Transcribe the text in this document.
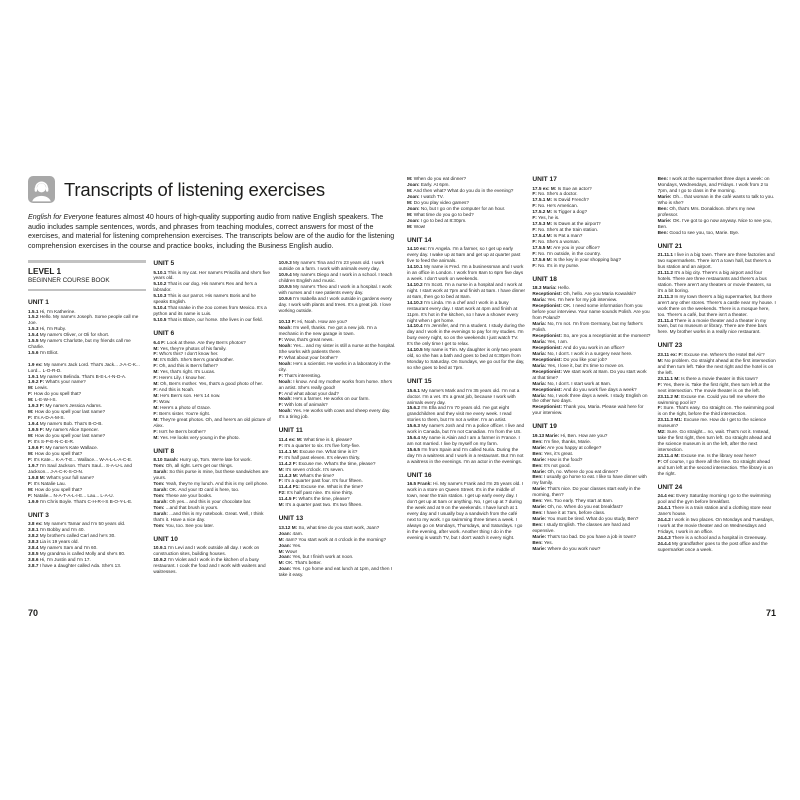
Transcripts of listening exercises

English for Everyone features almost 40 hours of high-quality supporting audio from native English speakers. The audio includes sample sentences, words, and phrases from teaching modules, correct answers for most of the exercises, and material for listening comprehension exercises. The transcripts below are of the audio for the listening comprehension exercises in the course and practice books, including the Business English audio.

LEVEL 1
BEGINNER COURSE BOOK
UNIT 1

1.5.1 Hi, I'm Katherine.

1.5.2 Hello. My name's Joseph. Some people call me Joe.

1.5.3 Hi, I'm Ruby.

1.5.4 My name's Oliver, or Oli for short.

1.5.5 My name's Charlotte, but my friends call me Charlie.

1.5.6 I'm Elliot.

1.9 ex: My name's Jack Lord. That's Jack... J-A-C-K... Lord... L-O-R-D.

1.9.1 My name's Belinda. That's B-E-L-I-N-D-A.

1.9.2 F: What's your name?

M: Lewis.

F: How do you spell that?

M: L-E-W-I-S.

1.9.3 F: My name's Jessica Adams.

M: How do you spell your last name?

F: It's A-D-A-M-S.

1.9.4 My name's Bob. That's B-O-B.

1.9.5 F: My name's Alice Spencer.

M: How do you spell your last name?

F: It's S-P-E-N-C-E-R.

1.9.6 F: My name's Kate Wallace.

M: How do you spell that?

F: It's Kate... K-A-T-E... Wallace... W-A-L-L-A-C-E.

1.9.7 I'm Saul Jackson. That's Saul... S-A-U-L and Jackson... J-A-C-K-S-O-N.

1.9.8 M: What's your full name?

F: It's Natalie Lau.

M: How do you spell that?

F: Natalie... N-A-T-A-L-I-E... Lau... L-A-U.

1.9.9 I'm Chris Boyle. That's C-H-R-I-S B-O-Y-L-E.

UNIT 3

3.8 ex: My name's Tamar and I'm 50 years old.

3.8.1 I'm Bobby and I'm 40.

3.8.2 My brother's called Carl and he's 30.

3.8.3 Lia is 19 years old.

3.8.4 My name's Sam and I'm 60.

3.8.5 My grandma is called Molly and she's 80.

3.8.6 Hi, I'm Justin and I'm 17.

3.8.7 I have a daughter called Ada. She's 13.

UNIT 5

5.10.1 This is my cat. Her name's Priscilla and she's five years old.

5.10.2 That is our dog. His name's Rex and he's a labrador.

5.10.3 This is our parrot. His name's Boris and he speaks English.

5.10.4 That snake in the zoo comes from Mexico. It's a python and its name is Luis.

5.10.5 That is Blaze, our horse. She lives in our field.

UNIT 6

6.4 F: Look at these. Are they Ben's photos?

M: Yes, they're photos of his family.

F: Who's this? I don't know her.

M: It's Edith. She's Ben's grandmother.

F: Oh, and this is Ben's father?

M: Yes, that's right. It's Lucas.

F: Here's Lily. I know her.

M: Oh, Ben's mother. Yes, that's a good photo of her.

F: And this is Noah.

M: He's Ben's son. He's 14 now.

F: Wow.

M: Here's a photo of Grace.

F: Ben's sister. You're right.

M: They're great photos. Oh, and here's an old picture of Alex.

F: Isn't he Ben's brother?

M: Yes. He looks very young in the photo.

UNIT 8

8.10 Sarah: Hurry up, Tom. We're late for work.

Tom: Oh, all right. Let's get our things.

Sarah: So this purse is mine, but these sandwiches are yours.

Tom: Yeah, they're my lunch. And this is my cell phone.

Sarah: OK. And your ID card is here, too.

Tom: These are your books.

Sarah: Oh yes... and this is your chocolate bar.

Tom: ...and that brush is yours.

Sarah: ...and this is my notebook. Great. Well, I think that's it. Have a nice day.

Tom: You, too. See you later.

UNIT 10

10.9.1 I'm Levi and I work outside all day. I work on construction sites, building houses.

10.9.2 I'm Violet and I work in the kitchen of a busy restaurant. I cook the food and I work with waiters and waitresses.

10.9.3 My name's Tina and I'm 23 years old. I work outside on a farm. I work with animals every day.

10.9.4 My name's Diego and I work in a school. I teach children English and music.

10.9.5 My name's Theo and I work in a hospital. I work with nurses and I see patients every day.

10.9.6 I'm Isabella and I work outside in gardens every day. I work with plants and trees. It's a great job. I love working outside.

10.13 F: Hi, Noah. How are you?

Noah: I'm well, thanks. I've got a new job. I'm a mechanic in the new garage in town.

F: Wow, that's great news.

Noah: Yes... and my sister is still a nurse at the hospital. She works with patients there.

F: What about your brother?

Noah: He's a scientist. He works in a laboratory in the city.

F: That's interesting.

Noah: I know. And my mother works from home. She's an artist. She's really good!

F: And what about your dad?

Noah: He's a farmer. He works on our farm.

F: With lots of animals?

Noah: Yes. He works with cows and sheep every day. It's a tiring job.

UNIT 11

11.4 ex: M: What time is it, please?

F: It's a quarter to six. It's five forty-five.

11.4.1 M: Excuse me. What time is it?

F: It's half past eleven. It's eleven thirty.

11.4.2 F: Excuse me. What's the time, please?

M: It's seven o'clock. It's seven.

11.4.3 M: What's the time?

F: It's a quarter past four. It's four fifteen.

11.4.4 F1: Excuse me. What is the time?

F2: It's half past nine. It's nine thirty.

11.4.5 F: What's the time, please?

M: It's a quarter past two. It's two fifteen.

UNIT 13

13.12 M: So, what time do you start work, Joan?

Joan: 4am.

M: 4am? You start work at 4 o'clock in the morning?

Joan: Yes.

M: Wow!

Joan: Yes, but I finish work at noon.

M: OK. That's better.

Joan: Yes. I go home and eat lunch at 1pm, and then I take it easy.

70

M: When do you eat dinner?

Joan: Early. At 6pm.

M: And then what? What do you do in the evening?

Joan: I watch TV.

M: Do you play video games?

Joan: No, but I go on the computer for an hour.

M: What time do you go to bed?

Joan: I go to bed at 8:30pm.

M: Wow!

UNIT 14

14.10 ex: I'm Angela. I'm a farmer, so I get up early every day. I wake up at 5am and get up at quarter past five to feed the animals.

14.10.1 My name is Fred. I'm a businessman and I work in an office in London. I work from 8am to 6pm five days a week. I don't work on weekends.

14.10.2 I'm Scott. I'm a nurse in a hospital and I work at night. I start work at 7pm and finish at 5am. I have dinner at 6am, then go to bed at 8am.

14.10.3 I'm Linda. I'm a chef and I work in a busy restaurant every day. I start work at 4pm and finish at 11pm. It's hot in the kitchen, so I have a shower every night when I get home.

14.10.4 I'm Jennifer, and I'm a student. I study during the day and I work in the evenings to pay for my studies. I'm busy every night, so on the weekends I just watch TV. It's the only time I get to relax.

14.10.5 My name is Tim. My daughter is only two years old, so she has a bath and goes to bed at 6:30pm from Monday to Saturday. On Sundays, we go out for the day, so she goes to bed at 7pm.

UNIT 15

15.6.1 My name's Mark and I'm 35 years old. I'm not a doctor. I'm a vet. It's a great job, because I work with animals every day.

15.6.2 I'm Ella and I'm 70 years old. I've got eight grandchildren and they visit me every week. I read stories to them, but I'm not a writer. I'm an artist.

15.6.3 My name's Josh and I'm a police officer. I live and work in Canada, but I'm not Canadian. I'm from the US.

15.6.4 My name is Alain and I am a farmer in France. I am not married. I live by myself on my farm.

15.6.5 I'm from Spain and I'm called Nuria. During the day I'm a waitress and I work in a restaurant. But I'm not a waitress in the evenings. I'm an actor in the evenings.

UNIT 16

16.5 Frank: Hi. My name's Frank and I'm 25 years old. I work in a store on Queen Street. It's in the middle of town, near the train station. I get up early every day. I don't get up at 5am or anything. No, I get up at 7 during the week and at 9 on the weekends. I have lunch at 1 every day and I usually buy a sandwich from the café next to my work. I go swimming three times a week. I always go on Mondays, Thursdays, and Saturdays. I go in the evening, after work. Another thing I do in the evening is watch TV, but I don't watch it every night.

UNIT 17

17.5 ex: M: Is Sue an actor?

F: No. She's a doctor.

17.5.1 M: Is David French?

F: No. He's American.

17.5.2 M: Is Tigger a dog?

F: Yes, he is.

17.5.3 M: Is Dawn at the airport?

F: No. She's at the train station.

17.5.4 M: Is Pat a man?

F: No. She's a woman.

17.5.5 M: Are you in your office?

F: No. I'm outside, in the country.

17.5.6 M: Is the key in your shopping bag?

F: No. It's in my purse.

UNIT 18

18.3 Maria: Hello.

Receptionist: Oh, hello. Are you Maria Kowalski?

Maria: Yes. I'm here for my job interview.

Receptionist: OK. I need some information from you before your interview. Your name sounds Polish. Are you from Poland?

Maria: No, I'm not. I'm from Germany, but my father's Polish.

Receptionist: So, are you a receptionist at the moment?

Maria: Yes, I am.

Receptionist: And do you work in an office?

Maria: No, I don't. I work in a surgery near here.

Receptionist: Do you like your job?

Maria: Yes, I love it, but it's time to move on.

Receptionist: We start work at 8am. Do you start work at that time?

Maria: No, I don't. I start work at 9am.

Receptionist: And do you work five days a week?

Maria: No, I work three days a week. I study English on the other two days.

Receptionist: Thank you, Maria. Please wait here for your interview.

UNIT 19

19.13 Marie: Hi, Ben. How are you?

Ben: I'm fine, thanks, Marie.

Marie: Are you happy at college?

Ben: Yes, it's great.

Marie: How is the food?

Ben: It's not good.

Marie: Oh, no. Where do you eat dinner?

Ben: I usually go home to eat. I like to have dinner with my family.

Marie: That's nice. Do your classes start early in the morning, then?

Ben: Yes. Too early. They start at 8am.

Marie: Oh, no. When do you eat breakfast?

Ben: I have it at 7am, before class.

Marie: You must be tired. What do you study, Ben?

Ben: I study English. The classes are hard and expensive.

Marie: That's too bad. Do you have a job in town?

Ben: Yes.

Marie: Where do you work now?

Ben: I work at the supermarket three days a week: on Mondays, Wednesdays, and Fridays. I work from 2 to 7pm, and I go to class in the morning.

Marie: Oh... that woman in the café wants to talk to you. Who is she?

Ben: Oh, that's Mrs. Donaldson. She's my new professor.

Marie: OK. I've got to go now anyway. Nice to see you, Ben.

Ben: Good to see you, too, Marie. Bye.

UNIT 21

21.11.1 I live in a big town. There are three factories and two supermarkets. There isn't a town hall, but there's a bus station and an airport.

21.11.2 It's a big city. There's a big airport and four hotels. There are three restaurants and there's a bus station. There aren't any theaters or movie theaters, so it's a bit boring.

21.11.3 In my town there's a big supermarket, but there aren't any other stores. There's a castle near my house. I work there on the weekends. There is a mosque here, too. There's a café, but there isn't a theater.

21.11.4 There is a movie theater and a theater in my town, but no museum or library. There are three bars here. My brother works in a really nice restaurant.

UNIT 23

23.11 ex: F: Excuse me. Where's the Hotel Bel Air?

M: No problem. Go straight ahead at the first intersection and then turn left. Take the next right and the hotel is on the left.

23.11.1 M: Is there a movie theater in this town?

F: Yes, there is. Take the first right, then turn left at the next intersection. The movie theater is on the left.

23.11.2 M: Excuse me. Could you tell me where the swimming pool is?

F: Sure. That's easy. Go straight on. The swimming pool is on the right, before the third intersection.

23.11.3 M1: Excuse me. How do I get to the science museum?

M2: Sure. Go straight... no, wait. That's not it. Instead, take the first right, then turn left. Go straight ahead and the science museum is on the left, after the next intersection.

23.11.4 M: Excuse me. Is the library near here?

F: Of course, I go there all the time. Go straight ahead and turn left at the second intersection. The library is on the right.

UNIT 24

24.4 ex: Every Saturday morning I go to the swimming pool and the gym before breakfast.

24.4.1 There is a train station and a clothing store near Jane's house.

24.4.2 I work in two places. On Mondays and Tuesdays, I work at the movie theater and on Wednesdays and Fridays, I work in an office.

24.4.3 There is a school and a hospital in Greenway.

24.4.4 My grandfather goes to the post office and the supermarket once a week.

71
